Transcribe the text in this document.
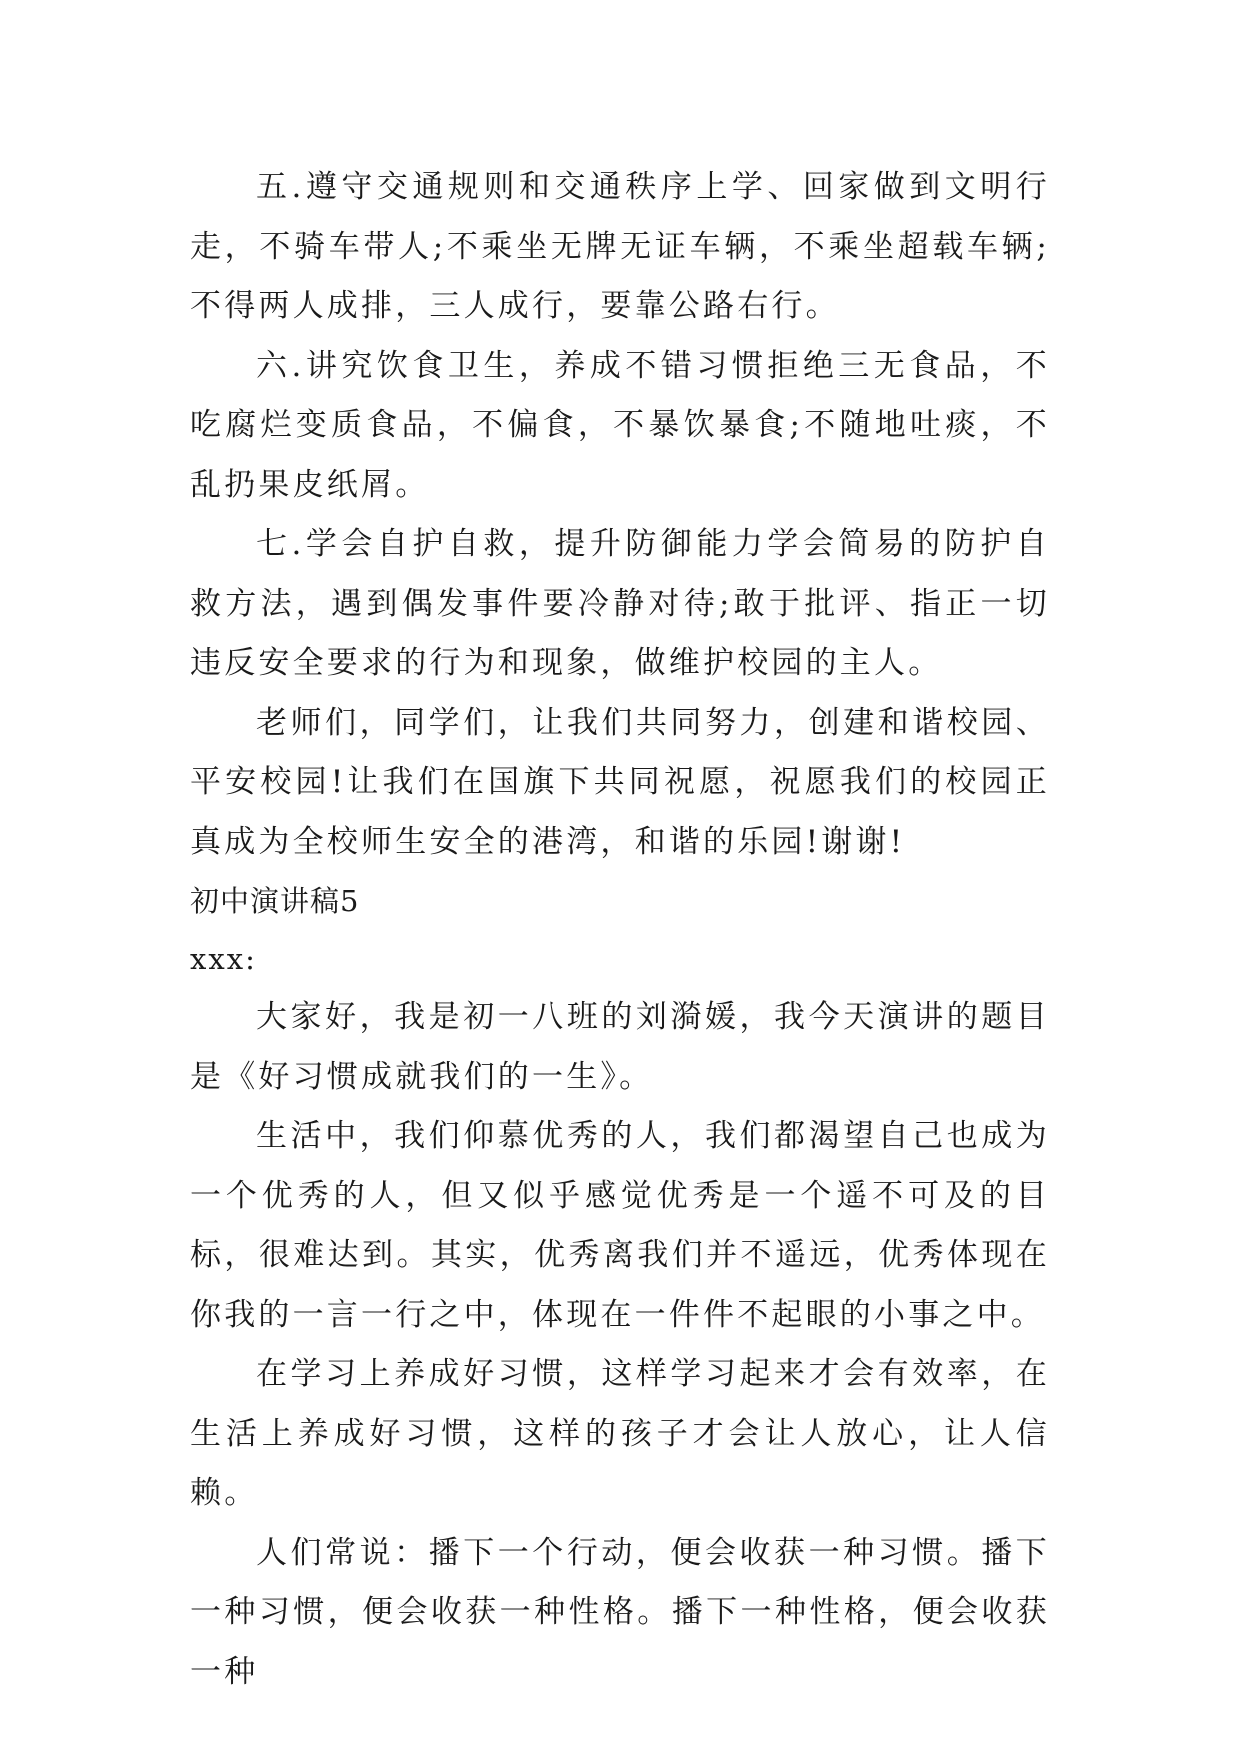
五.遵守交通规则和交通秩序上学、回家做到文明行走，不骑车带人;不乘坐无牌无证车辆，不乘坐超载车辆;不得两人成排，三人成行，要靠公路右行。

六.讲究饮食卫生，养成不错习惯拒绝三无食品，不吃腐烂变质食品，不偏食，不暴饮暴食;不随地吐痰，不乱扔果皮纸屑。

七.学会自护自救，提升防御能力学会简易的防护自救方法，遇到偶发事件要冷静对待;敢于批评、指正一切违反安全要求的行为和现象，做维护校园的主人。

老师们，同学们，让我们共同努力，创建和谐校园、平安校园!让我们在国旗下共同祝愿，祝愿我们的校园正真成为全校师生安全的港湾，和谐的乐园!谢谢!

初中演讲稿5

xxx:

大家好，我是初一八班的刘漪媛，我今天演讲的题目是《好习惯成就我们的一生》。

生活中，我们仰慕优秀的人，我们都渴望自己也成为一个优秀的人，但又似乎感觉优秀是一个遥不可及的目标，很难达到。其实，优秀离我们并不遥远，优秀体现在你我的一言一行之中，体现在一件件不起眼的小事之中。

在学习上养成好习惯，这样学习起来才会有效率，在生活上养成好习惯，这样的孩子才会让人放心，让人信赖。

人们常说：播下一个行动，便会收获一种习惯。播下一种习惯，便会收获一种性格。播下一种性格，便会收获一种
